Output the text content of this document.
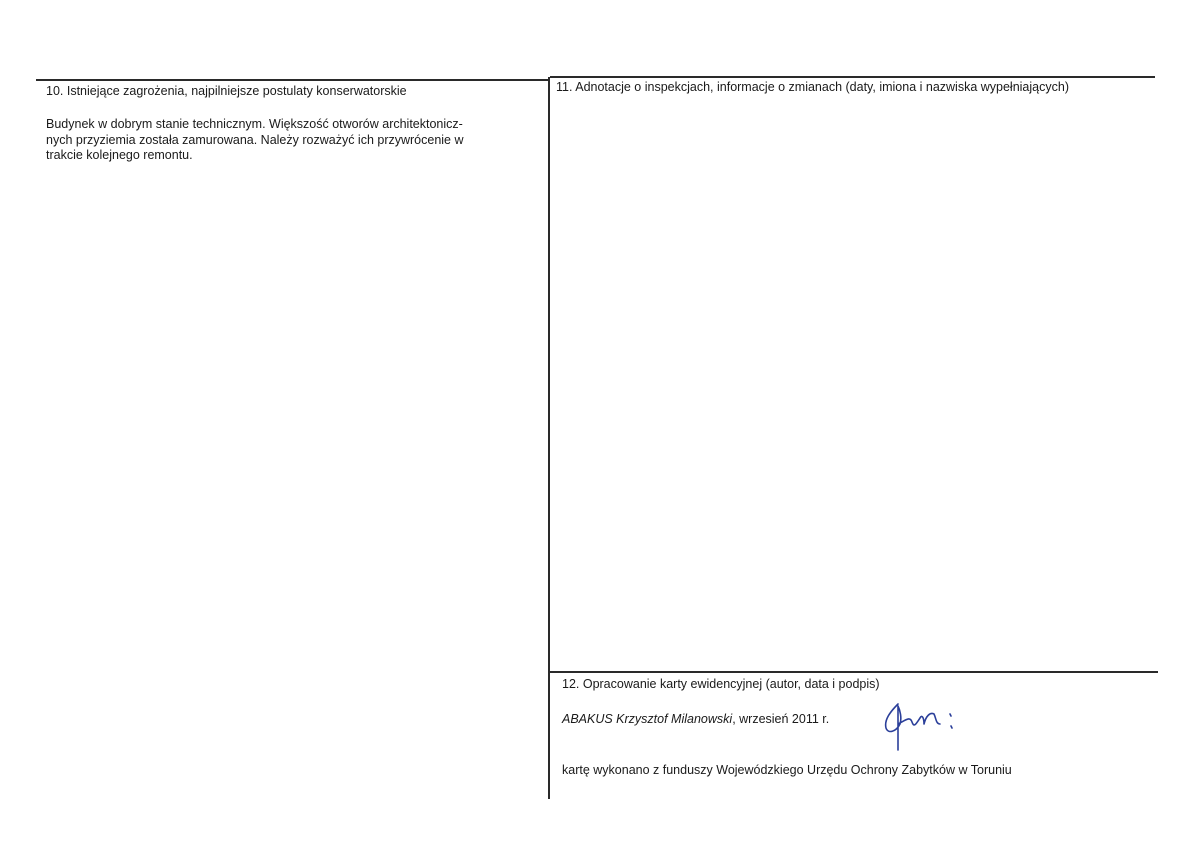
10. Istniejące zagrożenia, najpilniejsze postulaty konserwatorskie
Budynek w dobrym stanie technicznym. Większość otworów architektonicz-
nych przyziemia została zamurowana. Należy rozważyć ich przywrócenie w
trakcie kolejnego remontu.
11. Adnotacje o inspekcjach, informacje o zmianach (daty, imiona i nazwiska wypełniających)
12. Opracowanie karty ewidencyjnej (autor, data i podpis)
ABAKUS Krzysztof Milanowski, wrzesień 2011 r.
kartę wykonano z funduszy Wojewódzkiego Urzędu Ochrony Zabytków w Toruniu
